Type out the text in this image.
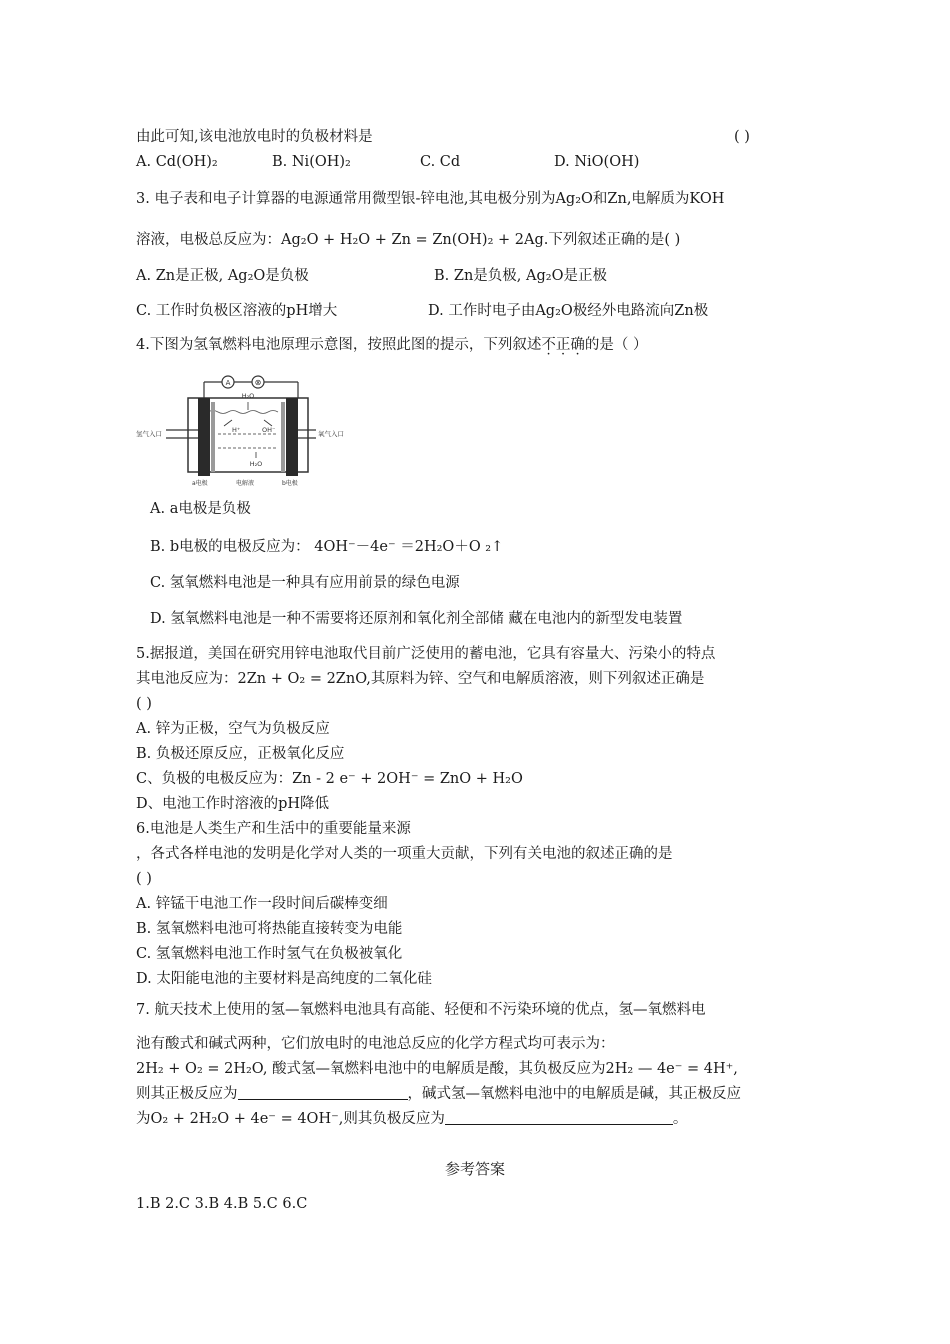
由此可知,该电池放电时的负极材料是	( )
A. Cd(OH)₂	B. Ni(OH)₂	C. Cd	D. NiO(OH)
3. 电子表和电子计算器的电源通常用微型银-锌电池,其电极分别为Ag₂O和Zn,电解质为KOH
溶液，电极总反应为：Ag₂O + H₂O + Zn = Zn(OH)₂ + 2Ag.下列叙述正确的是( )
A. Zn是正极, Ag₂O是负极	B. Zn是负极, Ag₂O是正极
C. 工作时负极区溶液的pH增大	D. 工作时电子由Ag₂O极经外电路流向Zn极
4.下图为氢氧燃料电池原理示意图，按照此图的提示，下列叙述不正确的是（ ）
A	⊗
H₂O
H⁺	OH⁻
H₂O
氢气入口	氧气入口
a电极	电解液	b电极
A. a电极是负极
B. b电极的电极反应为： 4OH⁻－4e⁻ ＝2H₂O＋O ₂↑
C. 氢氧燃料电池是一种具有应用前景的绿色电源
D. 氢氧燃料电池是一种不需要将还原剂和氧化剂全部储 藏在电池内的新型发电装置
5.据报道，美国在研究用锌电池取代目前广泛使用的蓄电池，它具有容量大、污染小的特点
其电池反应为：2Zn + O₂ = 2ZnO,其原料为锌、空气和电解质溶液，则下列叙述正确是
( )
A. 锌为正极，空气为负极反应
B. 负极还原反应，正极氧化反应
C、负极的电极反应为：Zn - 2 e⁻ + 2OH⁻ = ZnO + H₂O
D、电池工作时溶液的pH降低
6.电池是人类生产和生活中的重要能量来源
，各式各样电池的发明是化学对人类的一项重大贡献，下列有关电池的叙述正确的是
( )
A. 锌锰干电池工作一段时间后碳棒变细
B. 氢氧燃料电池可将热能直接转变为电能
C. 氢氧燃料电池工作时氢气在负极被氧化
D. 太阳能电池的主要材料是高纯度的二氧化硅
7. 航天技术上使用的氢—氧燃料电池具有高能、轻便和不污染环境的优点，氢—氧燃料电
池有酸式和碱式两种，它们放电时的电池总反应的化学方程式均可表示为：
2H₂ + O₂ = 2H₂O, 酸式氢—氧燃料电池中的电解质是酸，其负极反应为2H₂ — 4e⁻ = 4H⁺,
则其正极反应为	，碱式氢—氧燃料电池中的电解质是碱，其正极反应
为O₂ + 2H₂O + 4e⁻ = 4OH⁻,则其负极反应为	。
参考答案
1.B 2.C 3.B 4.B 5.C 6.C
